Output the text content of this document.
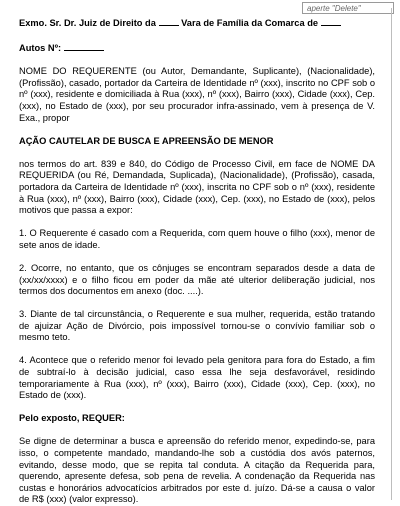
aperte "Delete"

Exmo. Sr. Dr. Juiz de Direito da	Vara de Família da Comarca de

Autos Nº:

NOME DO REQUERENTE (ou Autor, Demandante, Suplicante), (Nacionalidade), (Profissão), casado, portador da Carteira de Identidade nº (xxx), inscrito no CPF sob o nº (xxx), residente e domiciliada à Rua (xxx), nº (xxx), Bairro (xxx), Cidade (xxx), Cep. (xxx), no Estado de (xxx), por seu procurador infra-assinado, vem à presença de V. Exa., propor

AÇÃO CAUTELAR DE BUSCA E APREENSÃO DE MENOR

nos termos do art. 839 e 840, do Código de Processo Civil, em face de NOME DA REQUERIDA (ou Ré, Demandada, Suplicada), (Nacionalidade), (Profissão), casada, portadora da Carteira de Identidade nº (xxx), inscrita no CPF sob o nº (xxx), residente à Rua (xxx), nº (xxx), Bairro (xxx), Cidade (xxx), Cep. (xxx), no Estado de (xxx), pelos motivos que passa a expor:

1. O Requerente é casado com a Requerida, com quem houve o filho (xxx), menor de sete anos de idade.

2. Ocorre, no entanto, que os cônjuges se encontram separados desde a data de (xx/xx/xxxx) e o filho ficou em poder da mãe até ulterior deliberação judicial, nos termos dos documentos em anexo (doc. ....).

3. Diante de tal circunstância, o Requerente e sua mulher, requerida, estão tratando de ajuizar Ação de Divórcio, pois impossível tornou-se o convívio familiar sob o mesmo teto.

4. Acontece que o referido menor foi levado pela genitora para fora do Estado, a fim de subtraí-lo à decisão judicial, caso essa lhe seja desfavorável, residindo temporariamente à Rua (xxx), nº (xxx), Bairro (xxx), Cidade (xxx), Cep. (xxx), no Estado de (xxx).

Pelo exposto, REQUER:

Se digne de determinar a busca e apreensão do referido menor, expedindo-se, para isso, o competente mandado, mandando-lhe sob a custódia dos avós paternos, evitando, desse modo, que se repita tal conduta. A citação da Requerida para, querendo, apresente defesa, sob pena de revelia. A condenação da Requerida nas custas e honorários advocatícios arbitrados por este d. juízo. Dá-se a causa o valor de R$ (xxx) (valor expresso).
